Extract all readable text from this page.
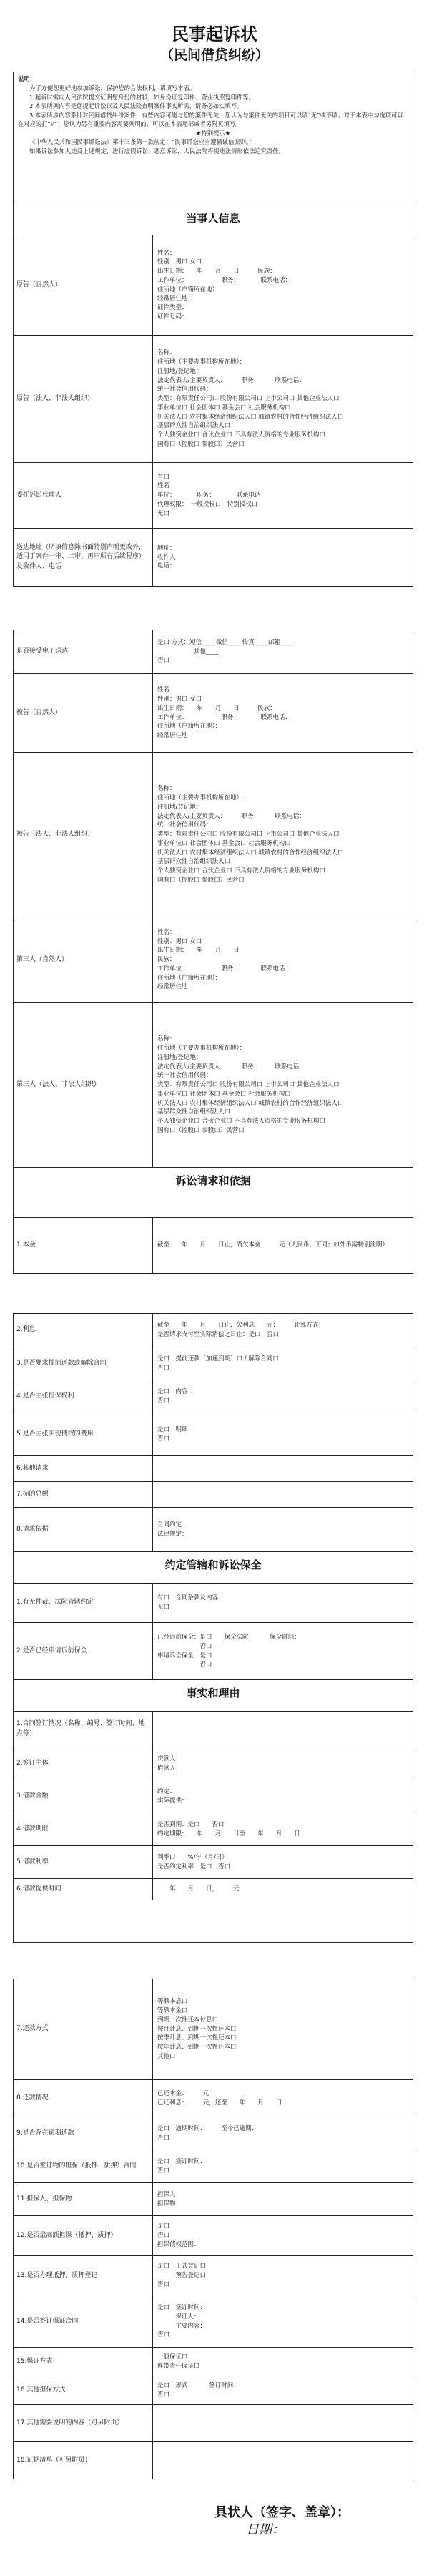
民事起诉状
（民间借贷纠纷）

说明：

为了方便您更好地参加诉讼，保护您的合法权利，请填写本表。

1.起诉时需向人民法院提交证明您身份的材料，如身份证复印件、营业执照复印件等。

2.本表所列内容是您提起诉讼以及人民法院查明案件事实所需，请务必如实填写。

3.本表所涉内容系针对民间借贷纠纷案件，有些内容可能与您的案件无关，您认为与案件无关的项目可以填“无”或不填；对于本表中勾选项可以在对应的打“√”；您认为另有重要内容需要列明的，可以在本表尾部或者另附页填写。

★特别提示★

《中华人民共和国民事诉讼法》第十三条第一款规定：“民事诉讼应当遵循诚信原则。”

如果诉讼参加人违反上述规定，进行虚假诉讼、恶意诉讼，人民法院将视违法情形依法追究责任。

当事人信息
原告（自然人）
姓名：
性别：男口 女口
出生日期：　　年　　月　　日　　　民族：
工作单位：　　　　　　职务：　　　　联系电话：
住所地（户籍所在地）：
经常居住地：
证件类型：
证件号码：
原告（法人、非法人组织）
名称：
住所地（主要办事机构所在地）：
注册地/登记地：
法定代表人/主要负责人：　　　职务：　　　联系电话：
统一社会信用代码：
类型：有限责任公司口 股份有限公司口 上市公司口 其他企业法人口
事业单位口 社会团体口 基金会口 社会服务机构口
机关法人口 农村集体经济组织法人口 城镇农村的合作经济组织法人口
基层群众性自治组织法人口
个人独资企业口 合伙企业口 不具有法人资格的专业服务机构口
国有口（控股口 参股口）民营口
委托诉讼代理人
有口
姓名：
单位：　　　　职务：　　　　联系电话：
代理权限：　一般授权口　特别授权口
无口
送达地址（所填信息除书面特别声明更改外，适用于案件一审、二审、再审所有后续程序）及收件人、电话
地址：
收件人：
电话：
是否接受电子送达
是口 方式：短信____ 微信____ 传真____ 邮箱____
　　　　　　其他____
否口
被告（自然人）
姓名：
性别：男口 女口
出生日期：　　年　　月　　日　　　民族：
工作单位：　　　　　　职务：　　　　联系电话：
住所地（户籍所在地）：
经常居住地：
被告（法人、非法人组织）
名称：
住所地（主要办事机构所在地）：
注册地/登记地：
法定代表人/主要负责人：　　　职务：　　　联系电话：
统一社会信用代码：
类型：有限责任公司口 股份有限公司口 上市公司口 其他企业法人口
事业单位口 社会团体口 基金会口 社会服务机构口
机关法人口 农村集体经济组织法人口 城镇农村的合作经济组织法人口
基层群众性自治组织法人口
个人独资企业口 合伙企业口 不具有法人资格的专业服务机构口
国有口（控股口 参股口）民营口
第三人（自然人）
姓名：
性别：男口 女口
出生日期：　　年　　月　　日
民族：
工作单位：　　　　　　职务：　　　　联系电话：
住所地（户籍所在地）：
经常居住地：
第三人（法人、非法人组织）
名称：
住所地（主要办事机构所在地）：
注册地/登记地：
法定代表人/主要负责人：　　　职务：　　　联系电话：
统一社会信用代码：
类型：有限责任公司口 股份有限公司口 上市公司口 其他企业法人口
事业单位口 社会团体口 基金会口 社会服务机构口
机关法人口 农村集体经济组织法人口 城镇农村的合作经济组织法人口
基层群众性自治组织法人口
个人独资企业口 合伙企业口 不具有法人资格的专业服务机构口
国有口（控股口 参股口）民营口
诉讼请求和依据
1.本金	截至　　年　　月　　日止，尚欠本金　　　元（人民币，下同；如外币需特别注明）
2.利息
截至　　年　　月　　日止，欠利息　　元；　　　计算方式：
是否请求支付至实际清偿之日止：是口　否口
3.是否要求提前还款或解除合同
是口　提前还款（加速到期）口 / 解除合同口
否口
4.是否主张担保权利
是口　内容：
否口
5.是否主张实现债权的费用
是口　明细：
否口
6.其他请求
7.标的总额
8.请求依据
合同约定：
法律规定：
约定管辖和诉讼保全
1.有无仲裁、法院管辖约定
有口　合同条款及内容：
无口
2.是否已经申请诉前保全
已经诉前保全：是口　　保全法院：　　　保全时间：
　　　　　　　否口
申请诉讼保全：是口
　　　　　　　否口
事实和理由
1.合同签订情况（名称、编号、签订时间、地点等）
2.签订主体
贷款人：
借款人：
3.借款金额
约定：
实际提供：
4.借款期限
是否到期：是口　　否口
约定期限：　　年　　月　　日至　　年　　月　　日
5.借款利率
利率口　　%/年（月/日）
是否约定利率：是口　否口
6.借款提供时间	　　年　　月　　日，　　　元
7.还款方式
等额本息口
等额本金口
到期一次性还本付息口
按月计息、到期一次性还本口
按季计息、到期一次性还本口
按年计息、到期一次性还本口
其他口
8.还款情况
已还本金：　　　元
已还利息：　　　元，还至　　年　　月　　日
9.是否存在逾期还款
是口　逾期时间：　　　至今已逾期：
否口
10.是否签订物的担保（抵押、质押）合同
是口　签订时间：
否口
11.担保人、担保物
担保人：
担保物：
12.是否最高额担保（抵押、质押）
是口
否口
担保债权范围：
13.是否办理抵押、质押登记
是口　正式登记口
　　　预告登记口
否口
14.是否签订保证合同
是口　签订时间：
　　　保证人：
　　　主要内容：
否口
15.保证方式
一般保证口
连带责任保证口
16.其他担保方式
是口　形式：　　　签订时间：
否口
17.其他需要说明的内容（可另附页）
18.证据清单（可另附页）
具状人（签字、盖章）：
日期：
